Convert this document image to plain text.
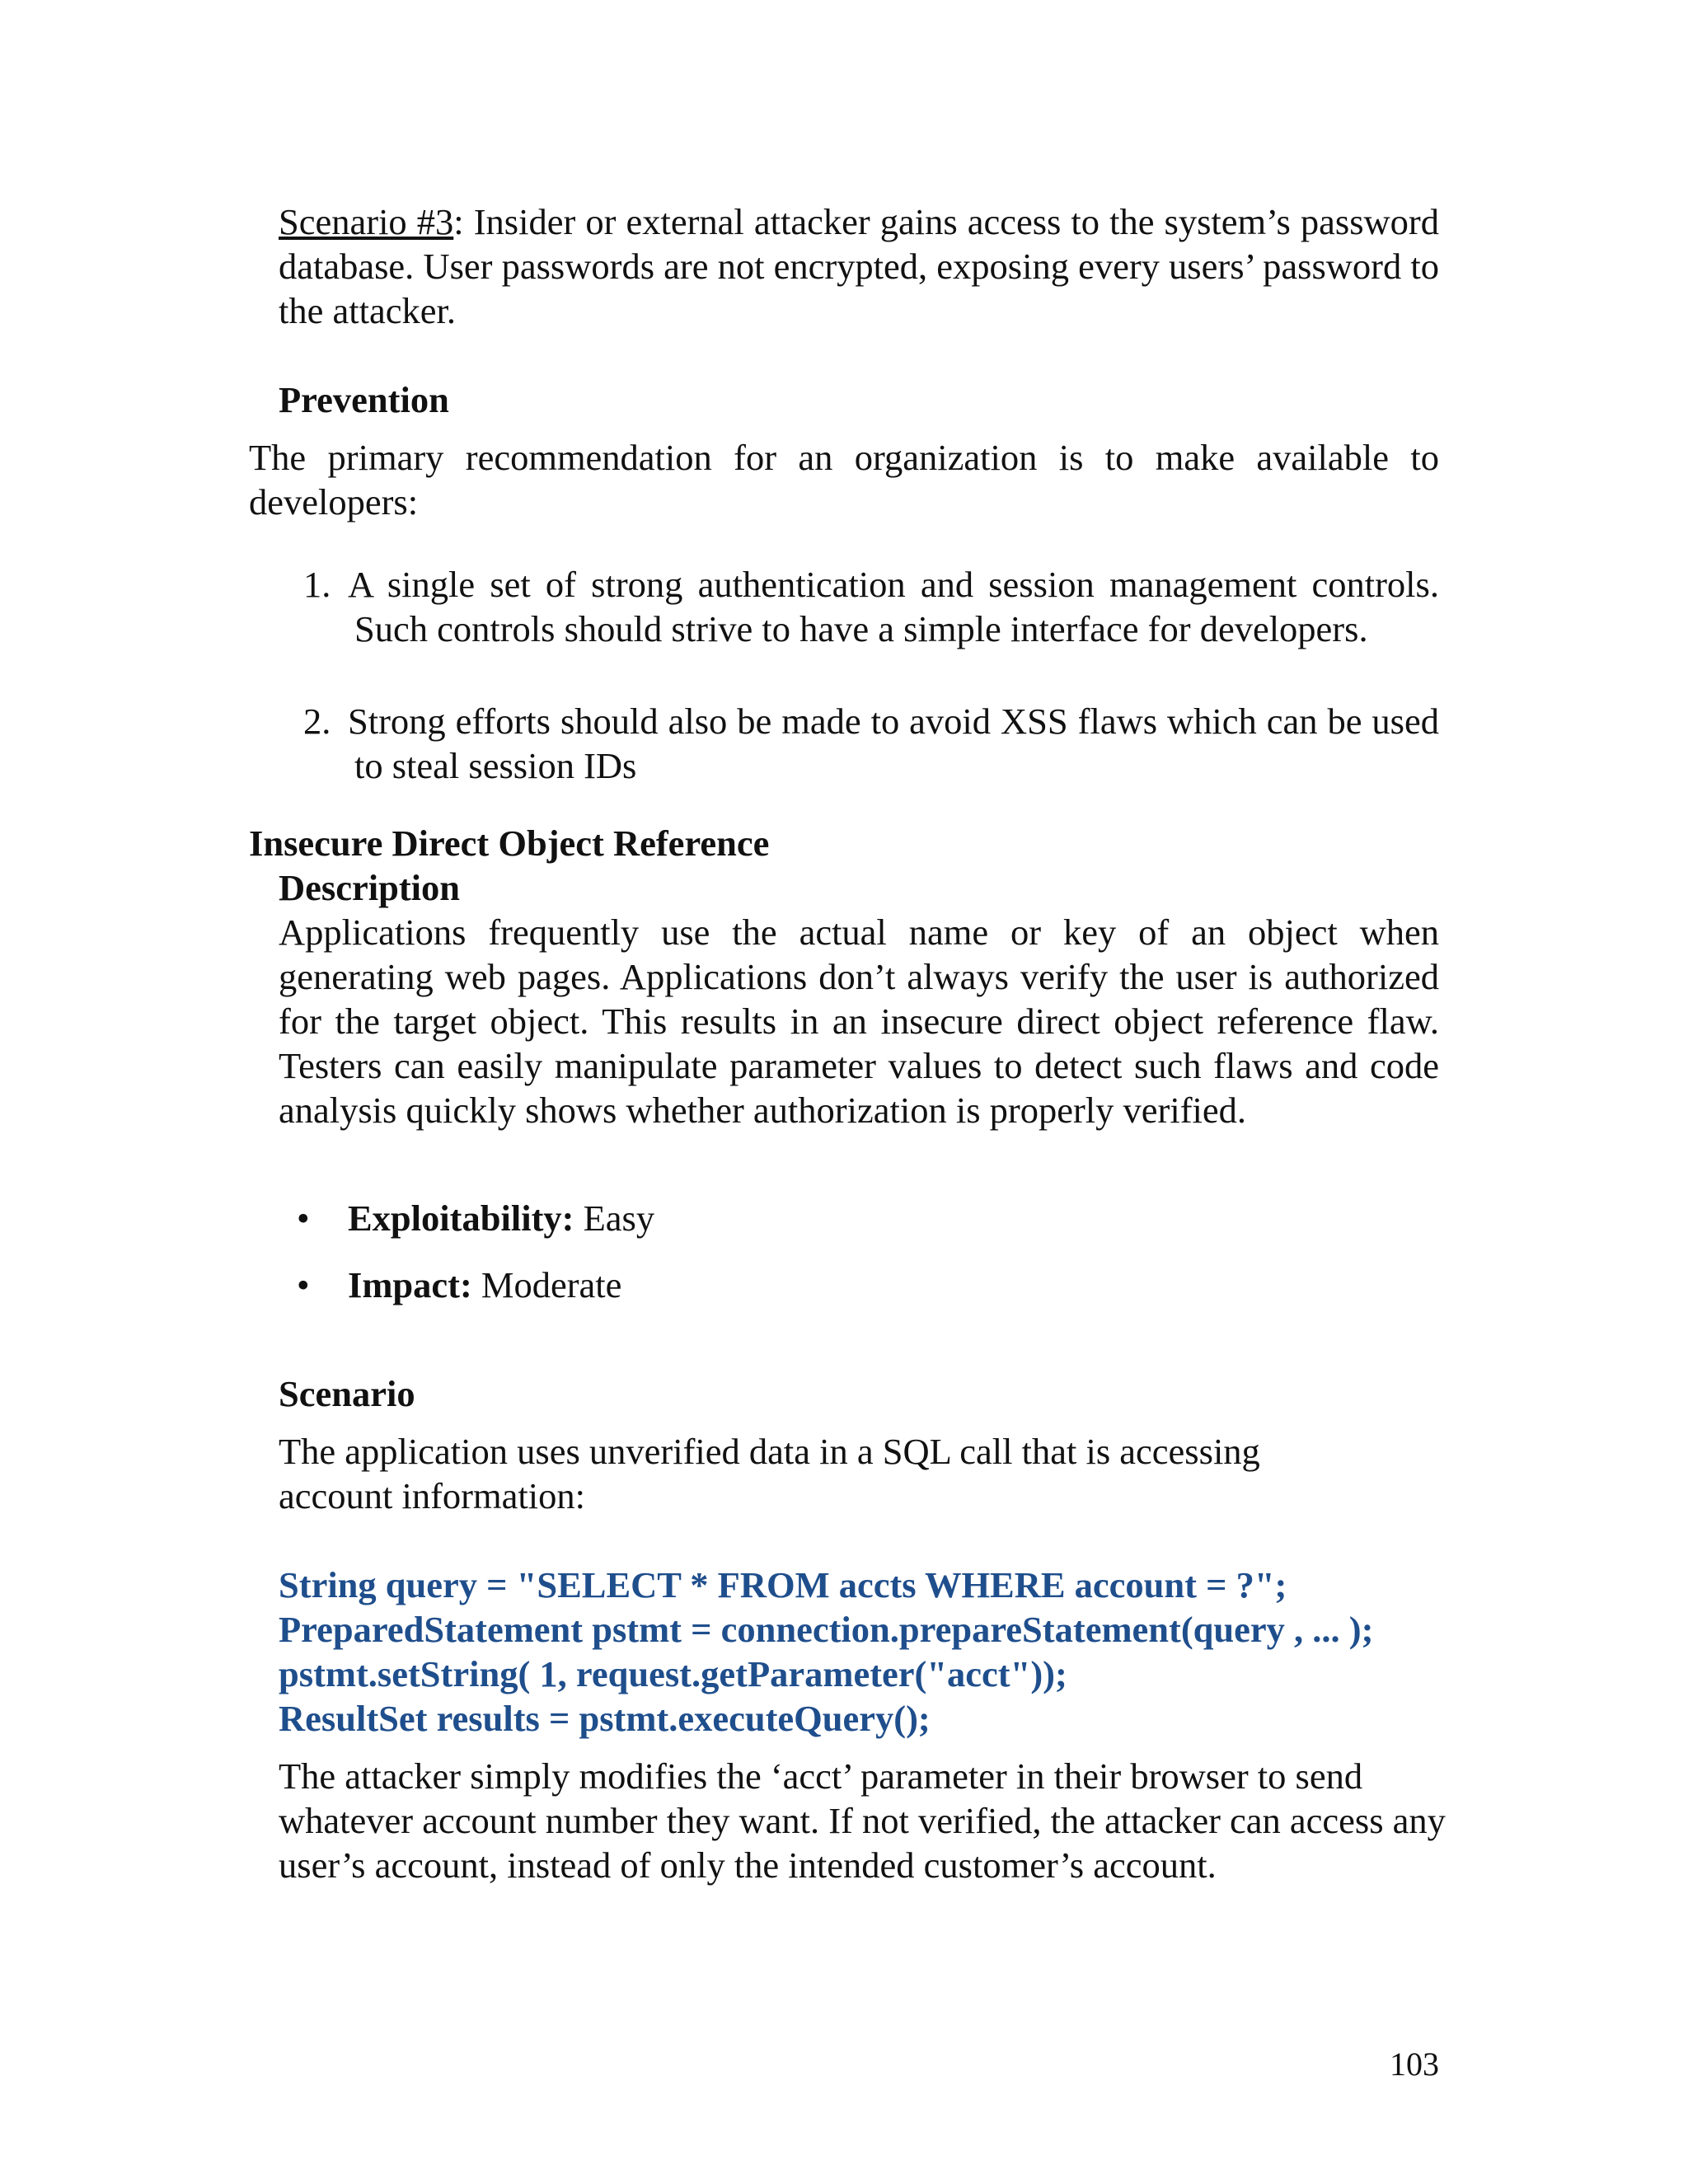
Scenario #3: Insider or external attacker gains access to the system’s password database. User passwords are not encrypted, exposing every users’ password to the attacker.

Prevention

The primary recommendation for an organization is to make available to developers:

1. A single set of strong authentication and session management controls. Such controls should strive to have a simple interface for developers.

2. Strong efforts should also be made to avoid XSS flaws which can be used to steal session IDs

Insecure Direct Object Reference

Description

Applications frequently use the actual name or key of an object when generating web pages. Applications don’t always verify the user is authorized for the target object. This results in an insecure direct object reference flaw. Testers can easily manipulate parameter values to detect such flaws and code analysis quickly shows whether authorization is properly verified.

• Exploitability: Easy

• Impact: Moderate

Scenario

The application uses unverified data in a SQL call that is accessing account information:

String query = "SELECT * FROM accts WHERE account = ?";

PreparedStatement pstmt = connection.prepareStatement(query , ... );

pstmt.setString( 1, request.getParameter("acct"));

ResultSet results = pstmt.executeQuery();

The attacker simply modifies the ‘acct’ parameter in their browser to send whatever account number they want. If not verified, the attacker can access any user’s account, instead of only the intended customer’s account.

103
